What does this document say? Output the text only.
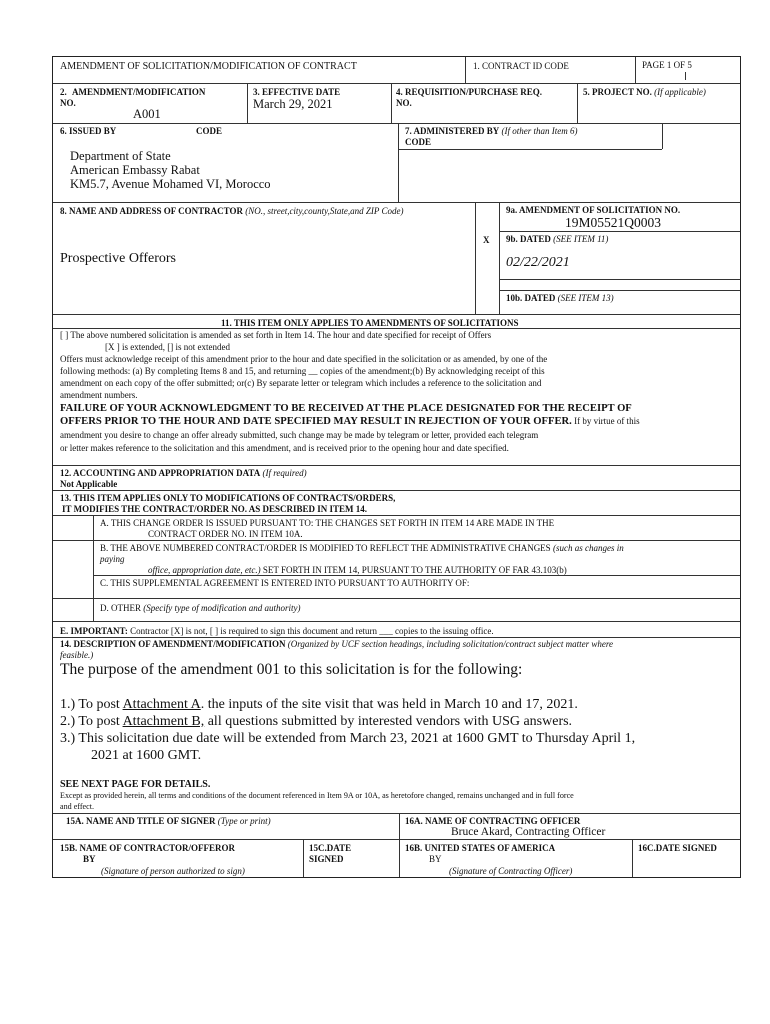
AMENDMENT OF SOLICITATION/MODIFICATION OF CONTRACT	1. CONTRACT ID CODE	PAGE 1 OF 5
2. AMENDMENT/MODIFICATION
NO.
A001
3. EFFECTIVE DATE
March 29, 2021
4. REQUISITION/PURCHASE REQ.
NO.
5. PROJECT NO. (If applicable)
6. ISSUED BY	CODE
Department of State
American Embassy Rabat
KM5.7, Avenue Mohamed VI, Morocco
7. ADMINISTERED BY (If other than Item 6)
CODE
8. NAME AND ADDRESS OF CONTRACTOR (NO., street,city,county,State,and ZIP Code)
Prospective Offerors
X
9a. AMENDMENT OF SOLICITATION NO.
19M05521Q0003
9b. DATED (SEE ITEM 11)
02/22/2021
10b. DATED (SEE ITEM 13)
11. THIS ITEM ONLY APPLIES TO AMENDMENTS OF SOLICITATIONS
[ ] The above numbered solicitation is amended as set forth in Item 14. The hour and date specified for receipt of Offers
[X ] is extended, [] is not extended
Offers must acknowledge receipt of this amendment prior to the hour and date specified in the solicitation or as amended, by one of the
following methods: (a) By completing Items 8 and 15, and returning __ copies of the amendment;(b) By acknowledging receipt of this
amendment on each copy of the offer submitted; or(c) By separate letter or telegram which includes a reference to the solicitation and
amendment numbers.
FAILURE OF YOUR ACKNOWLEDGMENT TO BE RECEIVED AT THE PLACE DESIGNATED FOR THE RECEIPT OF
OFFERS PRIOR TO THE HOUR AND DATE SPECIFIED MAY RESULT IN REJECTION OF YOUR OFFER. If by virtue of this
amendment you desire to change an offer already submitted, such change may be made by telegram or letter, provided each telegram
or letter makes reference to the solicitation and this amendment, and is received prior to the opening hour and date specified.
12. ACCOUNTING AND APPROPRIATION DATA (If required)
Not Applicable
13. THIS ITEM APPLIES ONLY TO MODIFICATIONS OF CONTRACTS/ORDERS,
IT MODIFIES THE CONTRACT/ORDER NO. AS DESCRIBED IN ITEM 14.
A. THIS CHANGE ORDER IS ISSUED PURSUANT TO: THE CHANGES SET FORTH IN ITEM 14 ARE MADE IN THE
CONTRACT ORDER NO. IN ITEM 10A.
B. THE ABOVE NUMBERED CONTRACT/ORDER IS MODIFIED TO REFLECT THE ADMINISTRATIVE CHANGES (such as changes in
paying
office, appropriation date, etc.) SET FORTH IN ITEM 14, PURSUANT TO THE AUTHORITY OF FAR 43.103(b)
C. THIS SUPPLEMENTAL AGREEMENT IS ENTERED INTO PURSUANT TO AUTHORITY OF:
D. OTHER (Specify type of modification and authority)
E. IMPORTANT: Contractor [X] is not, [ ] is required to sign this document and return ___ copies to the issuing office.
14. DESCRIPTION OF AMENDMENT/MODIFICATION (Organized by UCF section headings, including solicitation/contract subject matter where
feasible.)
The purpose of the amendment 001 to this solicitation is for the following:
1.) To post Attachment A. the inputs of the site visit that was held in March 10 and 17, 2021.
2.) To post Attachment B, all questions submitted by interested vendors with USG answers.
3.) This solicitation due date will be extended from March 23, 2021 at 1600 GMT to Thursday April 1,
2021 at 1600 GMT.
SEE NEXT PAGE FOR DETAILS.
Except as provided herein, all terms and conditions of the document referenced in Item 9A or 10A, as heretofore changed, remains unchanged and in full force
and effect.
15A. NAME AND TITLE OF SIGNER (Type or print)	16A. NAME OF CONTRACTING OFFICER
Bruce Akard, Contracting Officer
15B. NAME OF CONTRACTOR/OFFEROR
BY
(Signature of person authorized to sign)
15C.DATE
SIGNED
16B. UNITED STATES OF AMERICA
BY
(Signature of Contracting Officer)
16C.DATE SIGNED
